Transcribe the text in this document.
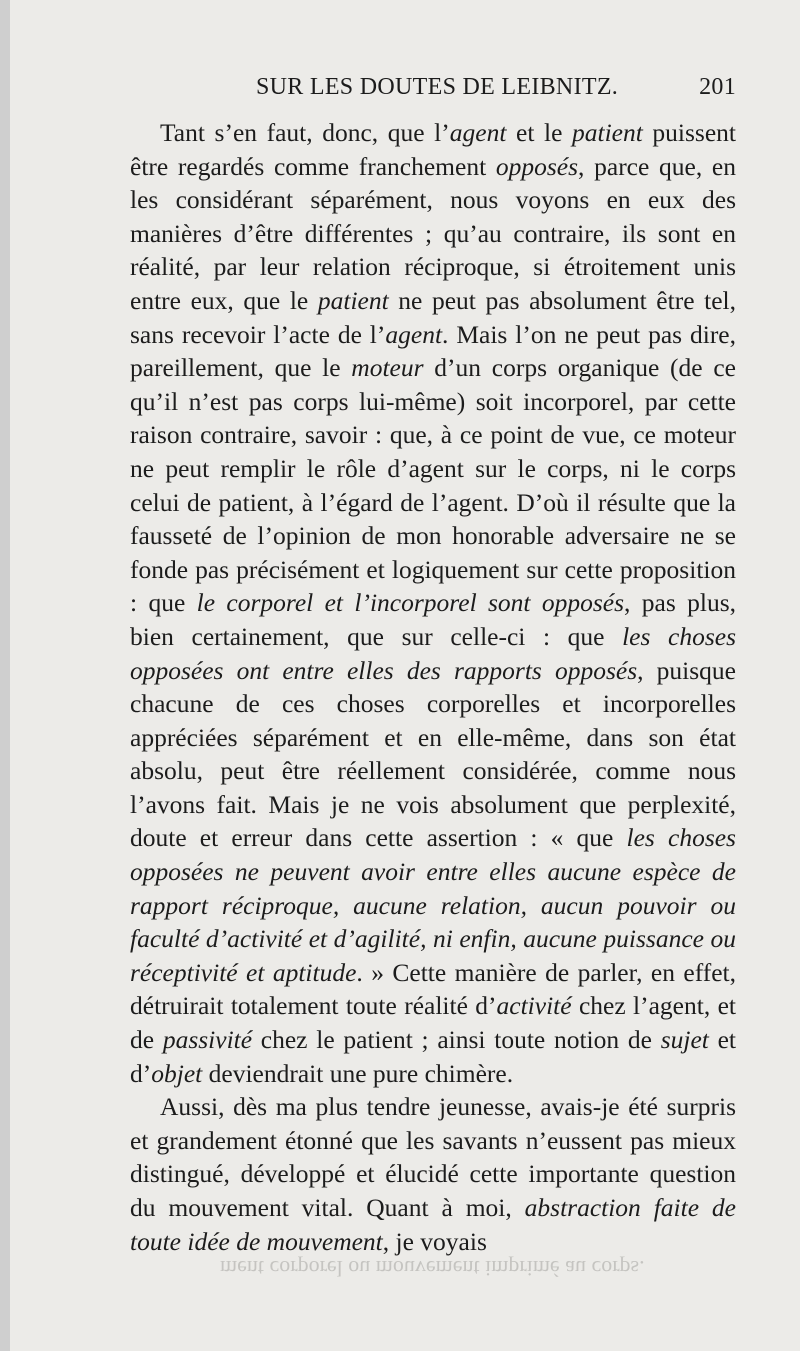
SUR LES DOUTES DE LEIBNITZ.	201

Tant s’en faut, donc, que l’agent et le patient puissent être regardés comme franchement opposés, parce que, en les considérant séparément, nous voyons en eux des manières d’être différentes ; qu’au contraire, ils sont en réalité, par leur relation réciproque, si étroitement unis entre eux, que le patient ne peut pas absolument être tel, sans recevoir l’acte de l’agent. Mais l’on ne peut pas dire, pareillement, que le moteur d’un corps organique (de ce qu’il n’est pas corps lui-même) soit incorporel, par cette raison contraire, savoir : que, à ce point de vue, ce moteur ne peut remplir le rôle d’agent sur le corps, ni le corps celui de patient, à l’égard de l’agent. D’où il résulte que la fausseté de l’opinion de mon honorable adversaire ne se fonde pas précisément et logiquement sur cette proposition : que le corporel et l’incorporel sont opposés, pas plus, bien certainement, que sur celle-ci : que les choses opposées ont entre elles des rapports opposés, puisque chacune de ces choses corporelles et incorporelles appréciées séparément et en elle-même, dans son état absolu, peut être réellement considérée, comme nous l’avons fait. Mais je ne vois absolument que perplexité, doute et erreur dans cette assertion : « que les choses opposées ne peuvent avoir entre elles aucune espèce de rapport réciproque, aucune relation, aucun pouvoir ou faculté d’activité et d’agilité, ni enfin, aucune puissance ou réceptivité et aptitude. » Cette manière de parler, en effet, détruirait totalement toute réalité d’activité chez l’agent, et de passivité chez le patient ; ainsi toute notion de sujet et d’objet deviendrait une pure chimère.

Aussi, dès ma plus tendre jeunesse, avais-je été surpris et grandement étonné que les savants n’eussent pas mieux distingué, développé et élucidé cette importante question du mouvement vital. Quant à moi, abstraction faite de toute idée de mouvement, je voyais

ment corporel ou mouvement imprimé au corps.
